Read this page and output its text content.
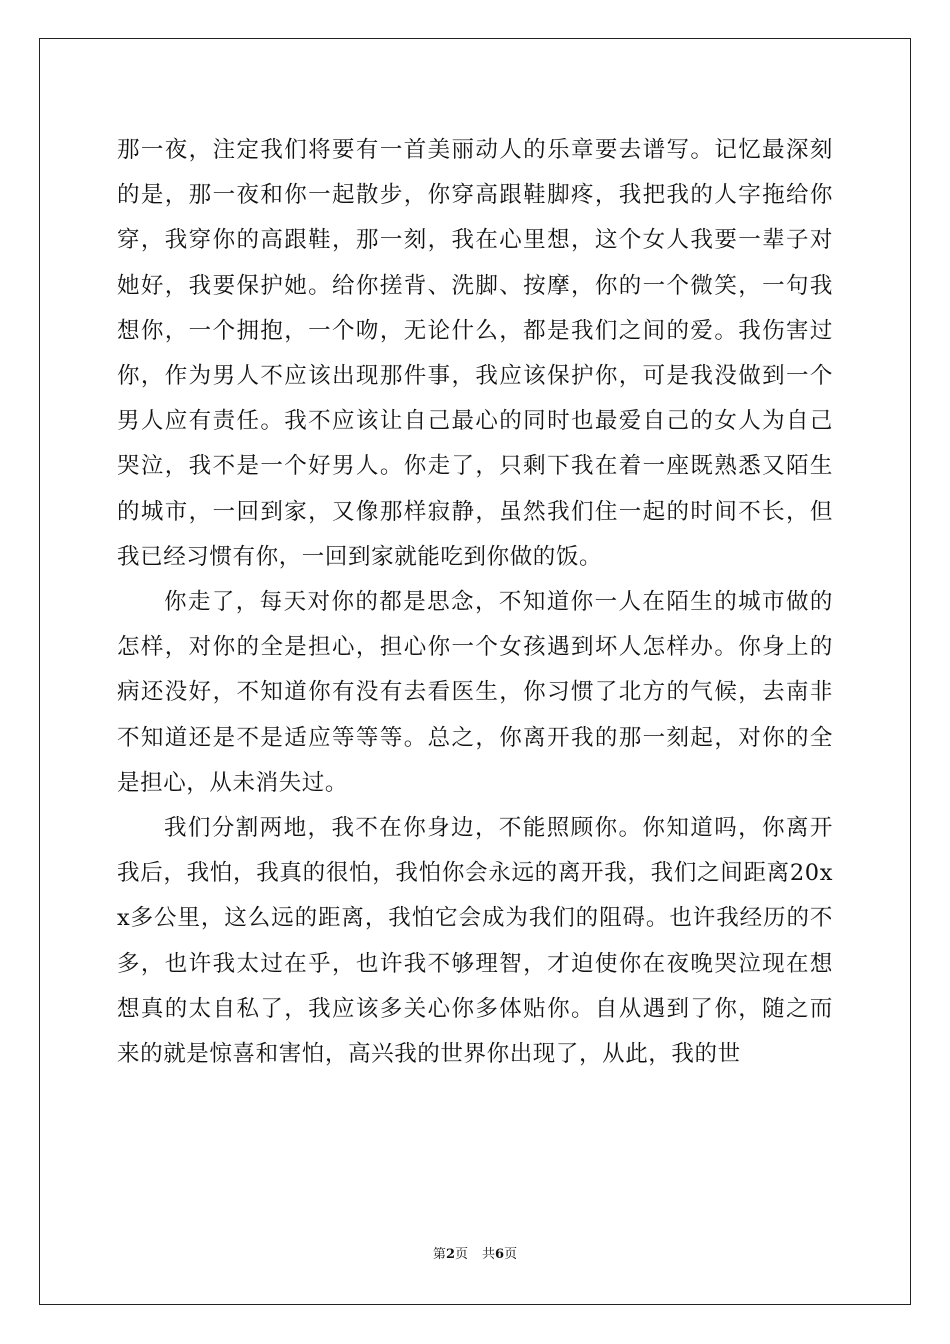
那一夜，注定我们将要有一首美丽动人的乐章要去谱写。记忆最深刻的是，那一夜和你一起散步，你穿高跟鞋脚疼，我把我的人字拖给你穿，我穿你的高跟鞋，那一刻，我在心里想，这个女人我要一辈子对她好，我要保护她。给你搓背、洗脚、按摩，你的一个微笑，一句我想你，一个拥抱，一个吻，无论什么，都是我们之间的爱。我伤害过你，作为男人不应该出现那件事，我应该保护你，可是我没做到一个男人应有责任。我不应该让自己最心的同时也最爱自己的女人为自己哭泣，我不是一个好男人。你走了，只剩下我在着一座既熟悉又陌生的城市，一回到家，又像那样寂静，虽然我们住一起的时间不长，但我已经习惯有你，一回到家就能吃到你做的饭。

你走了，每天对你的都是思念，不知道你一人在陌生的城市做的怎样，对你的全是担心，担心你一个女孩遇到坏人怎样办。你身上的病还没好，不知道你有没有去看医生，你习惯了北方的气候，去南非不知道还是不是适应等等等。总之，你离开我的那一刻起，对你的全是担心，从未消失过。

我们分割两地，我不在你身边，不能照顾你。你知道吗，你离开我后，我怕，我真的很怕，我怕你会永远的离开我，我们之间距离20xx多公里，这么远的距离，我怕它会成为我们的阻碍。也许我经历的不多，也许我太过在乎，也许我不够理智，才迫使你在夜晚哭泣现在想想真的太自私了，我应该多关心你多体贴你。自从遇到了你，随之而来的就是惊喜和害怕，高兴我的世界你出现了，从此，我的世

第2页 共6页
